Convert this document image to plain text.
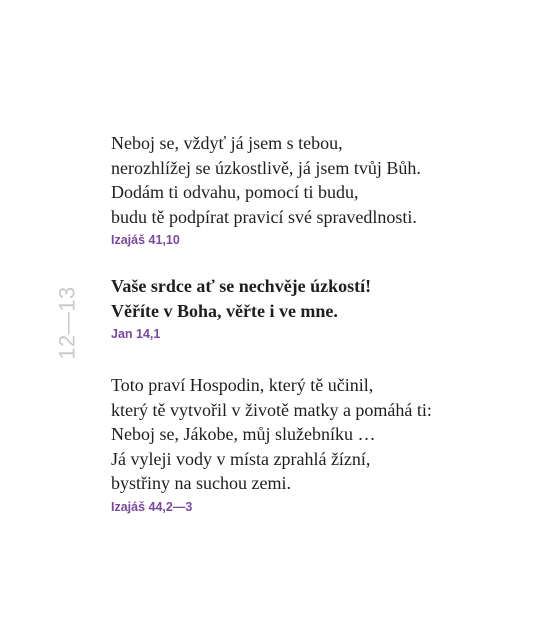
12—13
Neboj se, vždyť já jsem s tebou,
nerozhlížej se úzkostlivě, já jsem tvůj Bůh.
Dodám ti odvahu, pomocí ti budu,
budu tě podpírat pravicí své spravedlnosti.
Izajáš 41,10
Vaše srdce ať se nechvěje úzkostí!
Věříte v Boha, věřte i ve mne.
Jan 14,1
Toto praví Hospodin, který tě učinil,
který tě vytvořil v životě matky a pomáhá ti:
Neboj se, Jákobe, můj služebníku …
Já vyleji vody v místa zprahlá žízní,
bystřiny na suchou zemi.
Izajáš 44,2—3
